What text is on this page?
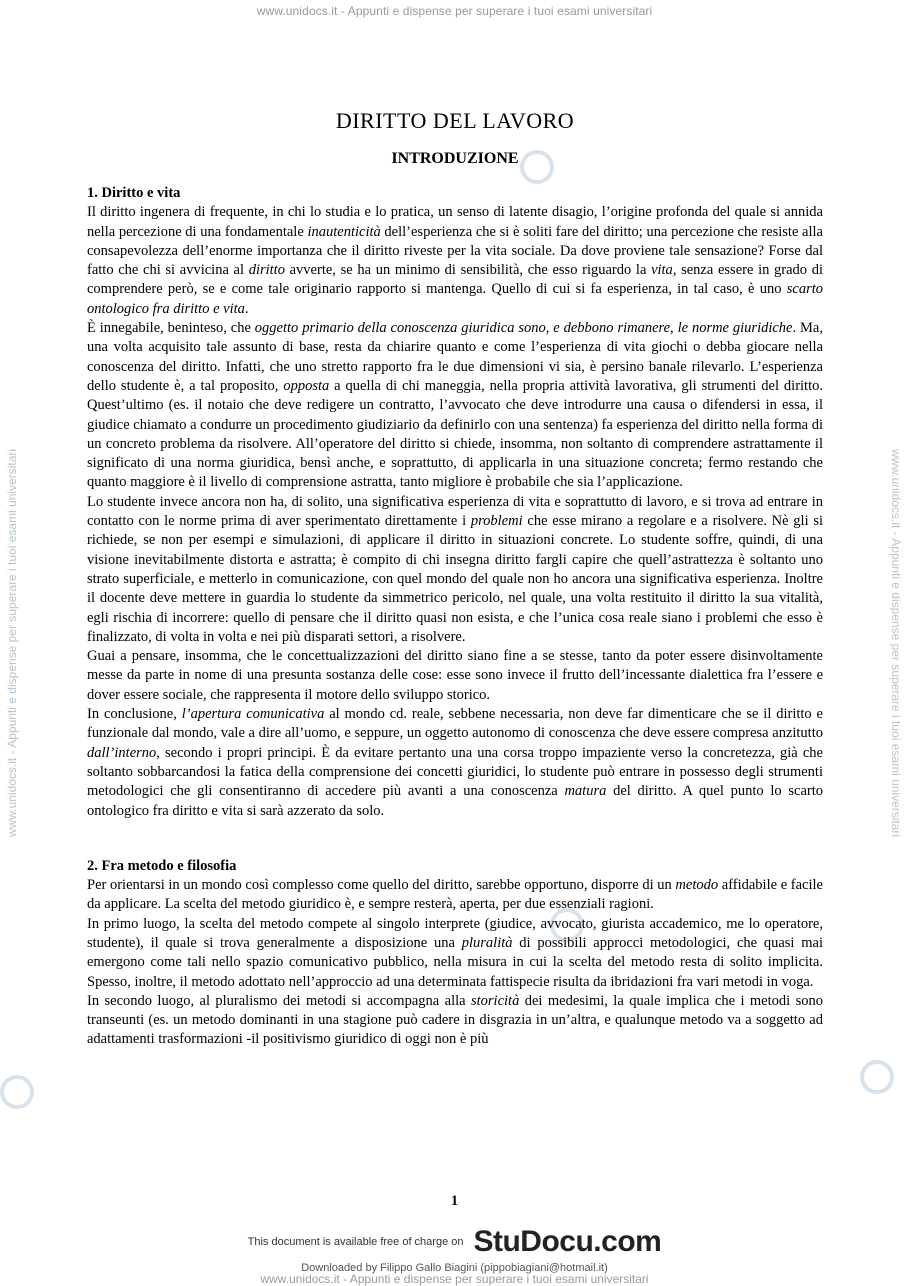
www.unidocs.it - Appunti e dispense per superare i tuoi esami universitari
www.unidocs.it - Appunti e dispense per superare i tuoi esami universitari	www.unidocs.it - Appunti e dispense per superare i tuoi esami universitari
DIRITTO DEL LAVORO
INTRODUZIONE
1. Diritto e vita

Il diritto ingenera di frequente, in chi lo studia e lo pratica, un senso di latente disagio, l’origine profonda del quale si annida nella percezione di una fondamentale inautenticità dell’esperienza che si è soliti fare del diritto; una percezione che resiste alla consapevolezza dell’enorme importanza che il diritto riveste per la vita sociale. Da dove proviene tale sensazione? Forse dal fatto che chi si avvicina al diritto avverte, se ha un minimo di sensibilità, che esso riguardo la vita, senza essere in grado di comprendere però, se e come tale originario rapporto si mantenga. Quello di cui si fa esperienza, in tal caso, è uno scarto ontologico fra diritto e vita.

È innegabile, beninteso, che oggetto primario della conoscenza giuridica sono, e debbono rimanere, le norme giuridiche. Ma, una volta acquisito tale assunto di base, resta da chiarire quanto e come l’esperienza di vita giochi o debba giocare nella conoscenza del diritto. Infatti, che uno stretto rapporto fra le due dimensioni vi sia, è persino banale rilevarlo. L’esperienza dello studente è, a tal proposito, opposta a quella di chi maneggia, nella propria attività lavorativa, gli strumenti del diritto. Quest’ultimo (es. il notaio che deve redigere un contratto, l’avvocato che deve introdurre una causa o difendersi in essa, il giudice chiamato a condurre un procedimento giudiziario da definirlo con una sentenza) fa esperienza del diritto nella forma di un concreto problema da risolvere. All’operatore del diritto si chiede, insomma, non soltanto di comprendere astrattamente il significato di una norma giuridica, bensì anche, e soprattutto, di applicarla in una situazione concreta; fermo restando che quanto maggiore è il livello di comprensione astratta, tanto migliore è probabile che sia l’applicazione.

Lo studente invece ancora non ha, di solito, una significativa esperienza di vita e soprattutto di lavoro, e si trova ad entrare in contatto con le norme prima di aver sperimentato direttamente i problemi che esse mirano a regolare e a risolvere. Nè gli si richiede, se non per esempi e simulazioni, di applicare il diritto in situazioni concrete. Lo studente soffre, quindi, di una visione inevitabilmente distorta e astratta; è compito di chi insegna diritto fargli capire che quell’astrattezza è soltanto uno strato superficiale, e metterlo in comunicazione, con quel mondo del quale non ho ancora una significativa esperienza. Inoltre il docente deve mettere in guardia lo studente da simmetrico pericolo, nel quale, una volta restituito il diritto la sua vitalità, egli rischia di incorrere: quello di pensare che il diritto quasi non esista, e che l’unica cosa reale siano i problemi che esso è finalizzato, di volta in volta e nei più disparati settori, a risolvere.

Guai a pensare, insomma, che le concettualizzazioni del diritto siano fine a se stesse, tanto da poter essere disinvoltamente messe da parte in nome di una presunta sostanza delle cose: esse sono invece il frutto dell’incessante dialettica fra l’essere e dover essere sociale, che rappresenta il motore dello sviluppo storico.

In conclusione, l’apertura comunicativa al mondo cd. reale, sebbene necessaria, non deve far dimenticare che se il diritto e funzionale dal mondo, vale a dire all’uomo, e seppure, un oggetto autonomo di conoscenza che deve essere compresa anzitutto dall’interno, secondo i propri principi. È da evitare pertanto una una corsa troppo impaziente verso la concretezza, già che soltanto sobbarcandosi la fatica della comprensione dei concetti giuridici, lo studente può entrare in possesso degli strumenti metodologici che gli consentiranno di accedere più avanti a una conoscenza matura del diritto. A quel punto lo scarto ontologico fra diritto e vita si sarà azzerato da solo.

2. Fra metodo e filosofia

Per orientarsi in un mondo così complesso come quello del diritto, sarebbe opportuno, disporre di un metodo affidabile e facile da applicare. La scelta del metodo giuridico è, e sempre resterà, aperta, per due essenziali ragioni.

In primo luogo, la scelta del metodo compete al singolo interprete (giudice, avvocato, giurista accademico, me lo operatore, studente), il quale si trova generalmente a disposizione una pluralità di possibili approcci metodologici, che quasi mai emergono come tali nello spazio comunicativo pubblico, nella misura in cui la scelta del metodo resta di solito implicita. Spesso, inoltre, il metodo adottato nell’approccio ad una determinata fattispecie risulta da ibridazioni fra vari metodi in voga.

In secondo luogo, al pluralismo dei metodi si accompagna alla storicità dei medesimi, la quale implica che i metodi sono transeunti (es. un metodo dominanti in una stagione può cadere in disgrazia in un’altra, e qualunque metodo va a soggetto ad adattamenti trasformazioni -il positivismo giuridico di oggi non è più

1
This document is available free of charge on StuDocu.com
Downloaded by Filippo Gallo Biagini (pippobiagiani@hotmail.it)
www.unidocs.it - Appunti e dispense per superare i tuoi esami universitari
